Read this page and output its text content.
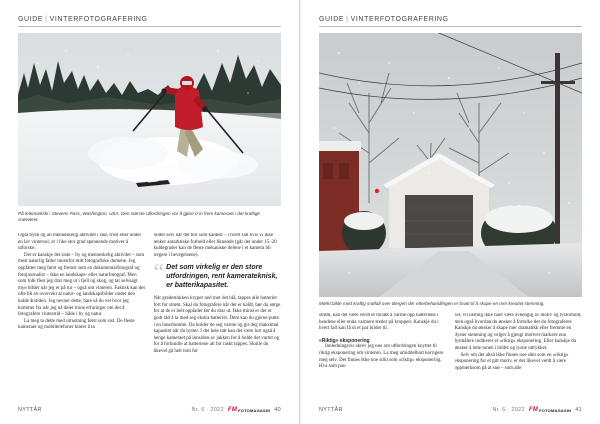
GUIDE | VINTERFOTOGRAFERING
På telemarkski i Stevens Pass, Washington, USA. Den største utfordringen var å gjøre 0 m frem kameraet i det kraftige snøværet.

Også byen og all menneskelig aktivitet i snø, frost eller under en lav vintersol, er i like stor grad spennende motiver å utforske.

Det er kanskje det siste – by og menneskelig aktivitet – som mest naturlig faller innenfor mitt fotografiske domene. Jeg oppfatter meg først og fremst som en dokumentarfotograf og fotojournalist – ikke en landskaps- eller naturfotograf. Men som folk flest jeg drar meg ut i fjell og skog, og tar selvsagt mye bilder når jeg er på tur – også om vinteren. Faktisk kan det ofte bli en overvekt at natur- og landskapsbilder under den kalde årstiden. Jeg nevner dette, bare så du vet hvor jeg kommer fra når jeg nå deler mine erfaringer om det å fotografere vinterstid – både i by og natur.

La meg ta dette med utrustning først som sist. De fleste kameraer og mobiltelefoner klarer å ta

bilder selv når det blir som kaldest – i hvert fall hvis vi ikke tenker antarktiske forhold eller liknende (går det under 15–20 kuldegrader kan de fleste mekaniske delene i et kamera bli tregere i bevegelsene).

“ Det som virkelig er den store utfordringen, rent kamerateknisk, er batterikapasitet.

Når gradestokken kryper ned mot det blå, tappes alle batterier fort for strøm. Skal du fotografere når det er kaldt, bør du sørge for at de er helt oppladet før du drar ut. Ikke minst er det et godt råd å ta med seg ekstra batterier. Dem kan du gjerne putte i en innerlomme. Da holder de seg varme og gir deg maksimal kapasitet når du bytter. I det hele tatt kan det være lurt også å henge kameraet på innsiden av jakken for å holde det varmt og for å forhindre at batteriene alt for raskt tappes. Skulle du likevel gå helt tom for

NYTTÅR	Nr. 6 · 2022 FM FOTOMAGASIN 40
GUIDE | VINTERFOTOGRAFERING
Mørkt bilde med kraftig snøfall over Bergen der etterbehandlingen er brukt til å skape en mer kreativt stemning.

strøm, kan det være verdt et forsøk å varme opp batteriene i hendene eller enda varmere steder på kroppen. Kanskje du i hvert fall kan få ut et par bilder til.

«Riktig» eksponering

Innledningsvis skrev jeg noe om utfordringen knyttet til riktig eksponering om vinteren. La meg umiddelbart korrigere meg selv. Det finnes ikke noe slikt som «riktig» eksponering. Hva som pas-

ser, vil nemlig ikke bare være avhengig av motiv og lysforhold, men også hvordan du ønsker å fortolke det du fotograferer. Kanskje du ønsker å skape mer dramatikk eller fremme en dyster stemning og velger å gjengi motivet markere enn lysmålere indikerer er «riktig» eksponering. Eller kanskje du ønsker å lette tonen i bildet og lysne uttrykket.

Selv om det altså ikke finnes noe sånt som en «riktig» eksponering for et gitt motiv, er det likevel verdt å være oppmerksom på at snø – som alle

NYTTÅR	Nr. 6 · 2022 FM FOTOMAGASIN 41
